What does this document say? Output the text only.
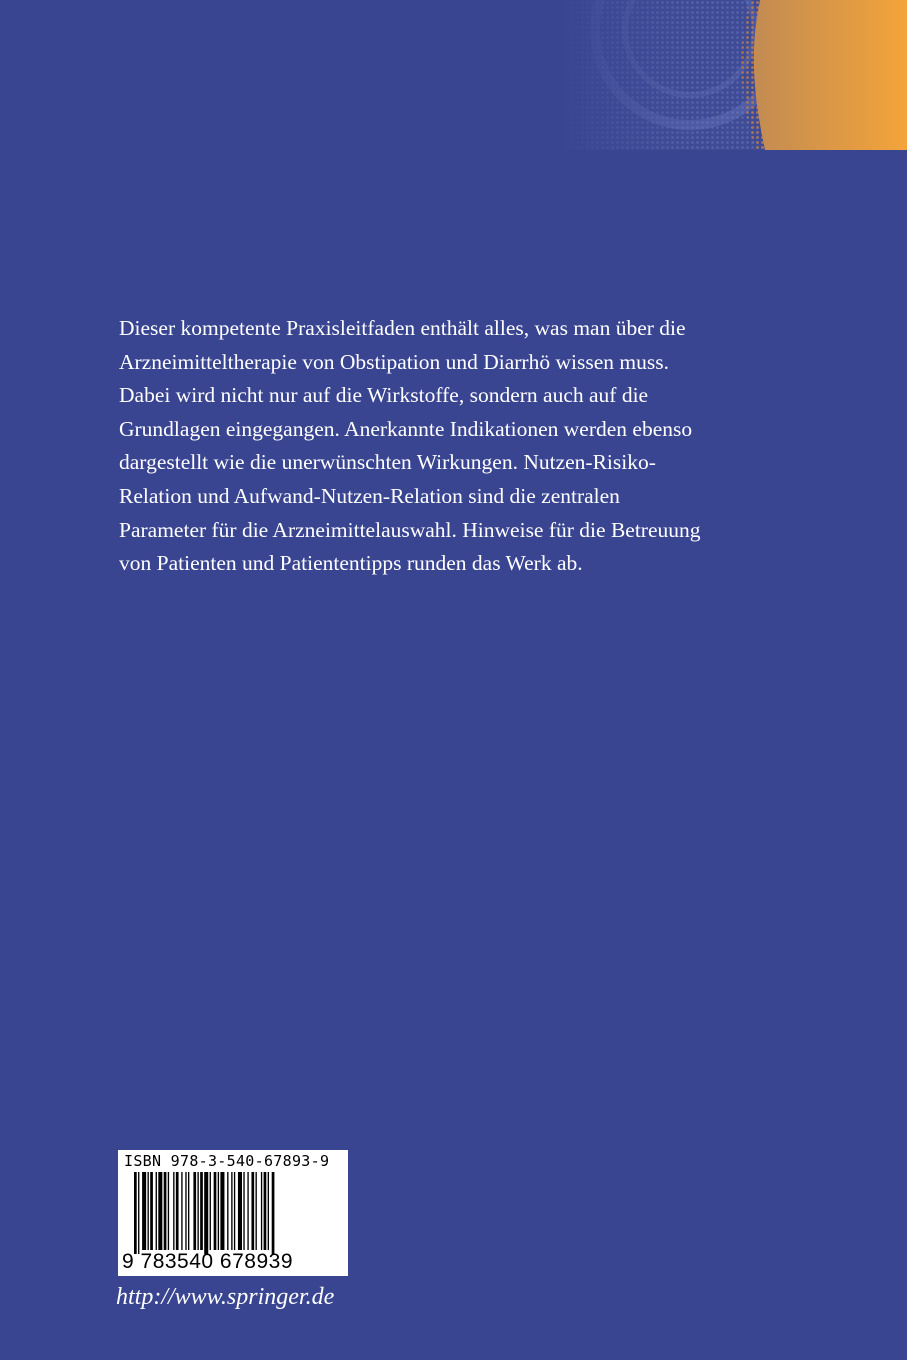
Dieser kompetente Praxisleitfaden enthält alles, was man über die
Arzneimitteltherapie von Obstipation und Diarrhö wissen muss.
Dabei wird nicht nur auf die Wirkstoffe, sondern auch auf die
Grundlagen eingegangen. Anerkannte Indikationen werden ebenso
dargestellt wie die unerwünschten Wirkungen. Nutzen-Risiko-
Relation und Aufwand-Nutzen-Relation sind die zentralen
Parameter für die Arzneimittelauswahl. Hinweise für die Betreuung
von Patienten und Patiententipps runden das Werk ab.
ISBN 978-3-540-67893-9
9 783540 678939
http://www.springer.de
